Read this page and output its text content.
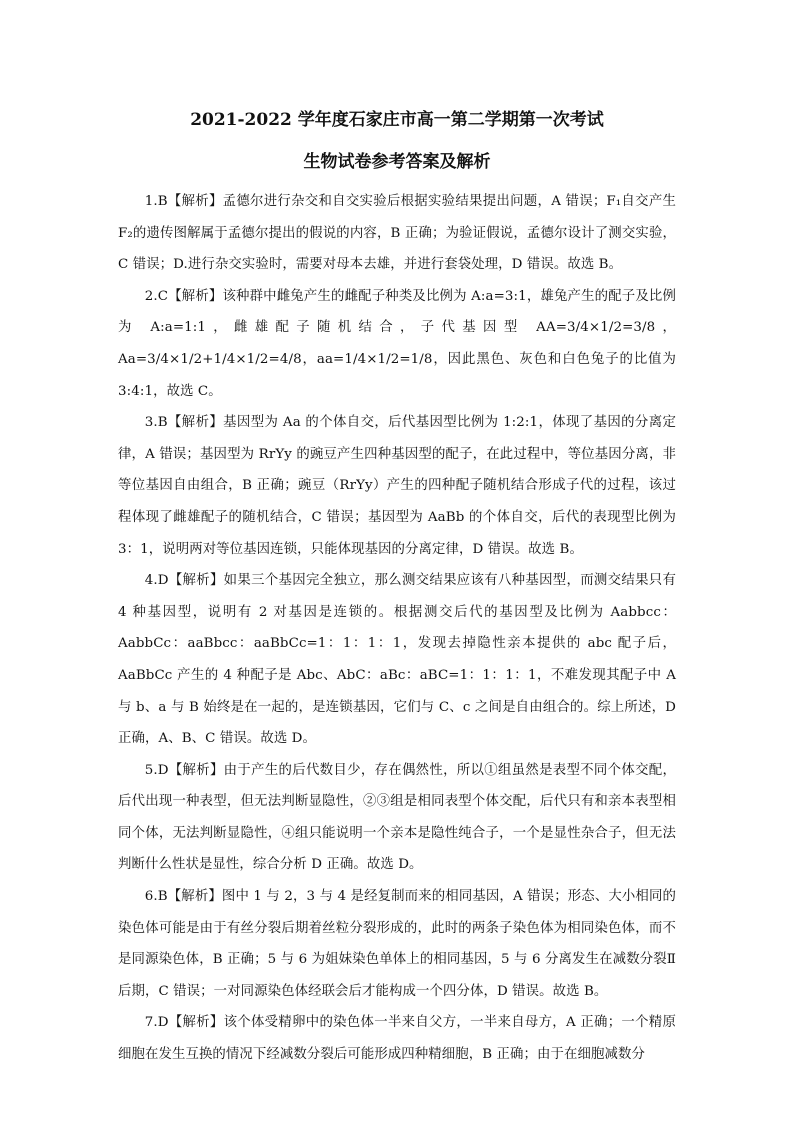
2021-2022 学年度石家庄市高一第二学期第一次考试
生物试卷参考答案及解析

1.B【解析】孟德尔进行杂交和自交实验后根据实验结果提出问题，A 错误；F₁自交产生 F₂的遗传图解属于孟德尔提出的假说的内容，B 正确；为验证假说，孟德尔设计了测交实验，C 错误；D.进行杂交实验时，需要对母本去雄，并进行套袋处理，D 错误。故选 B。

2.C【解析】该种群中雌兔产生的雌配子种类及比例为 A:a=3:1，雄兔产生的配子及比例为 A:a=1:1，雌雄配子随机结合，子代基因型 AA=3/4×1/2=3/8，Aa=3/4×1/2+1/4×1/2=4/8，aa=1/4×1/2=1/8，因此黑色、灰色和白色兔子的比值为 3:4:1，故选 C。

3.B【解析】基因型为 Aa 的个体自交，后代基因型比例为 1:2:1，体现了基因的分离定律，A 错误；基因型为 RrYy 的豌豆产生四种基因型的配子，在此过程中，等位基因分离，非等位基因自由组合，B 正确；豌豆（RrYy）产生的四种配子随机结合形成子代的过程，该过程体现了雌雄配子的随机结合，C 错误；基因型为 AaBb 的个体自交，后代的表现型比例为 3：1，说明两对等位基因连锁，只能体现基因的分离定律，D 错误。故选 B。

4.D【解析】如果三个基因完全独立，那么测交结果应该有八种基因型，而测交结果只有 4 种基因型，说明有 2 对基因是连锁的。根据测交后代的基因型及比例为 Aabbcc：AabbCc：aaBbcc：aaBbCc=1：1：1：1，发现去掉隐性亲本提供的 abc 配子后，AaBbCc 产生的 4 种配子是 Abc、AbC：aBc：aBC=1：1：1：1，不难发现其配子中 A 与 b、a 与 B 始终是在一起的，是连锁基因，它们与 C、c 之间是自由组合的。综上所述，D 正确，A、B、C 错误。故选 D。

5.D【解析】由于产生的后代数目少，存在偶然性，所以①组虽然是表型不同个体交配，后代出现一种表型，但无法判断显隐性，②③组是相同表型个体交配，后代只有和亲本表型相同个体，无法判断显隐性，④组只能说明一个亲本是隐性纯合子，一个是显性杂合子，但无法判断什么性状是显性，综合分析 D 正确。故选 D。

6.B【解析】图中 1 与 2，3 与 4 是经复制而来的相同基因，A 错误；形态、大小相同的染色体可能是由于有丝分裂后期着丝粒分裂形成的，此时的两条子染色体为相同染色体，而不是同源染色体，B 正确；5 与 6 为姐妹染色单体上的相同基因，5 与 6 分离发生在减数分裂Ⅱ后期，C 错误；一对同源染色体经联会后才能构成一个四分体，D 错误。故选 B。

7.D【解析】该个体受精卵中的染色体一半来自父方，一半来自母方，A 正确；一个精原细胞在发生互换的情况下经减数分裂后可能形成四种精细胞，B 正确；由于在细胞减数分
